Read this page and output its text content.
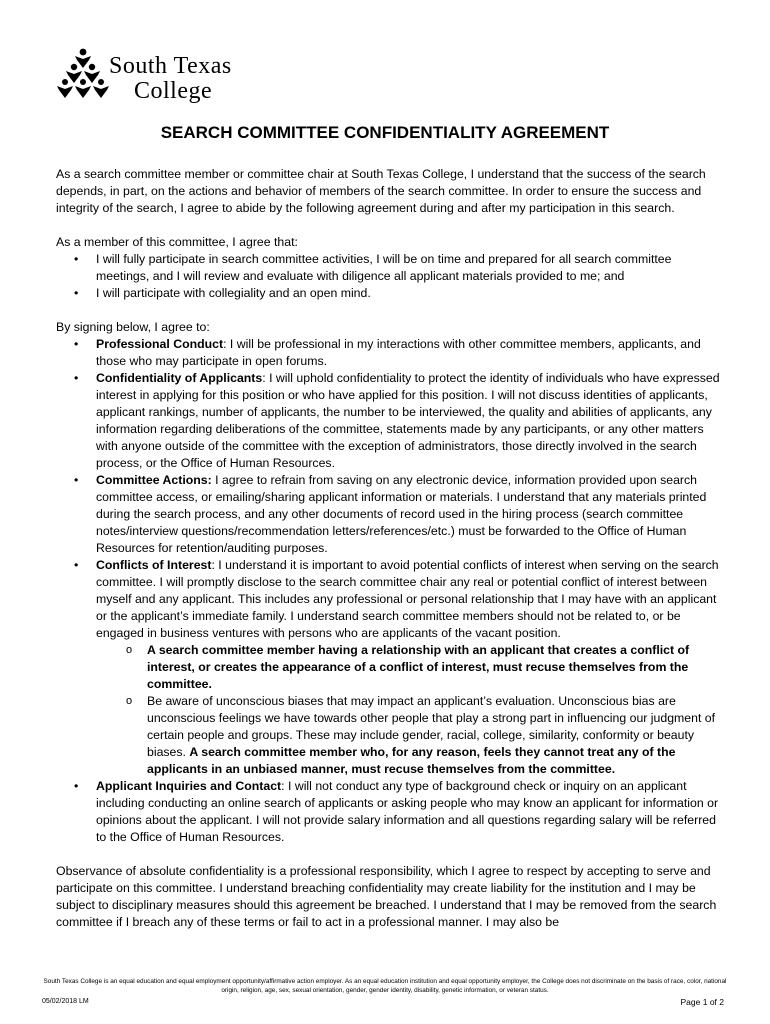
South Texas
College
SEARCH COMMITTEE CONFIDENTIALITY AGREEMENT

As a search committee member or committee chair at South Texas College, I understand that the success of the search depends, in part, on the actions and behavior of members of the search committee. In order to ensure the success and integrity of the search, I agree to abide by the following agreement during and after my participation in this search.

As a member of this committee, I agree that:

• I will fully participate in search committee activities, I will be on time and prepared for all search committee meetings, and I will review and evaluate with diligence all applicant materials provided to me; and
• I will participate with collegiality and an open mind.

By signing below, I agree to:

• Professional Conduct: I will be professional in my interactions with other committee members, applicants, and those who may participate in open forums.
• Confidentiality of Applicants: I will uphold confidentiality to protect the identity of individuals who have expressed interest in applying for this position or who have applied for this position. I will not discuss identities of applicants, applicant rankings, number of applicants, the number to be interviewed, the quality and abilities of applicants, any information regarding deliberations of the committee, statements made by any participants, or any other matters with anyone outside of the committee with the exception of administrators, those directly involved in the search process, or the Office of Human Resources.
• Committee Actions: I agree to refrain from saving on any electronic device, information provided upon search committee access, or emailing/sharing applicant information or materials. I understand that any materials printed during the search process, and any other documents of record used in the hiring process (search committee notes/interview questions/recommendation letters/references/etc.) must be forwarded to the Office of Human Resources for retention/auditing purposes.
• Conflicts of Interest: I understand it is important to avoid potential conflicts of interest when serving on the search committee. I will promptly disclose to the search committee chair any real or potential conflict of interest between myself and any applicant. This includes any professional or personal relationship that I may have with an applicant or the applicant’s immediate family. I understand search committee members should not be related to, or be engaged in business ventures with persons who are applicants of the vacant position.
o A search committee member having a relationship with an applicant that creates a conflict of interest, or creates the appearance of a conflict of interest, must recuse themselves from the committee.
o Be aware of unconscious biases that may impact an applicant’s evaluation. Unconscious bias are unconscious feelings we have towards other people that play a strong part in influencing our judgment of certain people and groups. These may include gender, racial, college, similarity, conformity or beauty biases. A search committee member who, for any reason, feels they cannot treat any of the applicants in an unbiased manner, must recuse themselves from the committee.
• Applicant Inquiries and Contact: I will not conduct any type of background check or inquiry on an applicant including conducting an online search of applicants or asking people who may know an applicant for information or opinions about the applicant. I will not provide salary information and all questions regarding salary will be referred to the Office of Human Resources.

Observance of absolute confidentiality is a professional responsibility, which I agree to respect by accepting to serve and participate on this committee. I understand breaching confidentiality may create liability for the institution and I may be subject to disciplinary measures should this agreement be breached. I understand that I may be removed from the search committee if I breach any of these terms or fail to act in a professional manner. I may also be

South Texas College is an equal education and equal employment opportunity/affirmative action employer. As an equal education institution and equal opportunity employer, the College does not discriminate on the basis of race, color, national origin, religion, age, sex, sexual orientation, gender, gender identity, disability, genetic information, or veteran status.
05/02/2018 LM	Page 1 of 2
